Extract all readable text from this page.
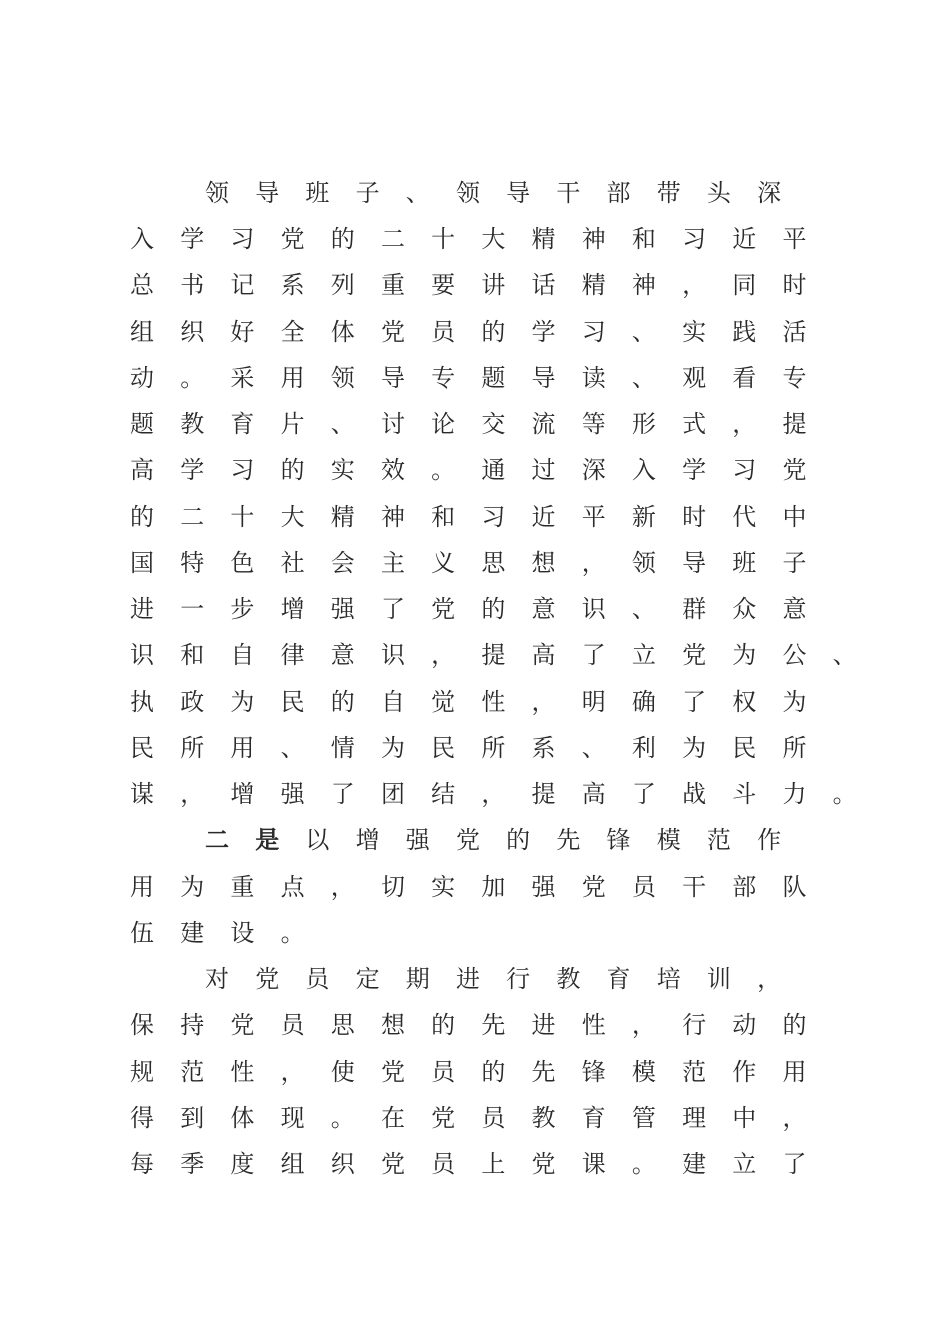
领 导 班 子 、 领 导 干 部 带 头 深
入 学 习 党 的 二 十 大 精 神 和 习 近 平
总 书 记 系 列 重 要 讲 话 精 神 ， 同 时
组 织 好 全 体 党 员 的 学 习 、 实 践 活
动 。 采 用 领 导 专 题 导 读 、 观 看 专
题 教 育 片 、 讨 论 交 流 等 形 式 ， 提
高 学 习 的 实 效 。 通 过 深 入 学 习 党
的 二 十 大 精 神 和 习 近 平 新 时 代 中
国 特 色 社 会 主 义 思 想 ， 领 导 班 子
进 一 步 增 强 了 党 的 意 识 、 群 众 意
识 和 自 律 意 识 ， 提 高 了 立 党 为 公 、
执 政 为 民 的 自 觉 性 ， 明 确 了 权 为
民 所 用 、 情 为 民 所 系 、 利 为 民 所
谋 ， 增 强 了 团 结 ， 提 高 了 战 斗 力 。
二 是 以 增 强 党 的 先 锋 模 范 作
用 为 重 点 ， 切 实 加 强 党 员 干 部 队
伍 建 设 。
对 党 员 定 期 进 行 教 育 培 训 ，
保 持 党 员 思 想 的 先 进 性 ， 行 动 的
规 范 性 ， 使 党 员 的 先 锋 模 范 作 用
得 到 体 现 。 在 党 员 教 育 管 理 中 ，
每 季 度 组 织 党 员 上 党 课 。 建 立 了
